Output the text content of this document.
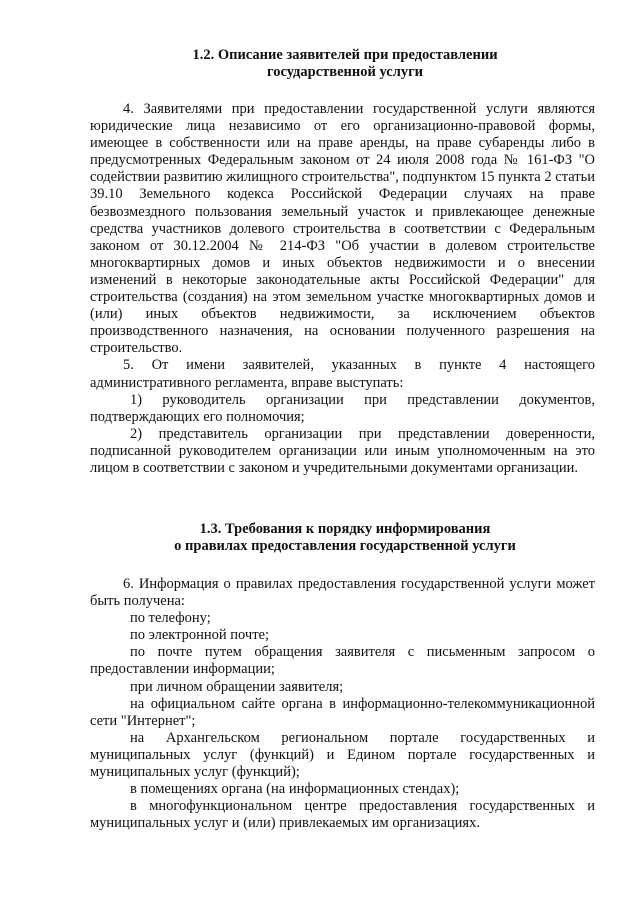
1.2. Описание заявителей при предоставлении
государственной услуги

4. Заявителями при предоставлении государственной услуги являются юридические лица независимо от его организационно-правовой формы, имеющее в собственности или на праве аренды, на праве субаренды либо в предусмотренных Федеральным законом от 24 июля 2008 года № 161-ФЗ "О содействии развитию жилищного строительства", подпунктом 15 пункта 2 статьи 39.10 Земельного кодекса Российской Федерации случаях на праве безвозмездного пользования земельный участок и привлекающее денежные средства участников долевого строительства в соответствии с Федеральным законом от 30.12.2004 № 214-ФЗ "Об участии в долевом строительстве многоквартирных домов и иных объектов недвижимости и о внесении изменений в некоторые законодательные акты Российской Федерации" для строительства (создания) на этом земельном участке многоквартирных домов и (или) иных объектов недвижимости, за исключением объектов производственного назначения, на основании полученного разрешения на строительство.

5. От имени заявителей, указанных в пункте 4 настоящего административного регламента, вправе выступать:

1) руководитель организации при представлении документов, подтверждающих его полномочия;

2) представитель организации при представлении доверенности, подписанной руководителем организации или иным уполномоченным на это лицом в соответствии с законом и учредительными документами организации.

1.3. Требования к порядку информирования
о правилах предоставления государственной услуги

6. Информация о правилах предоставления государственной услуги может быть получена:

по телефону;

по электронной почте;

по почте путем обращения заявителя с письменным запросом о предоставлении информации;

при личном обращении заявителя;

на официальном сайте органа в информационно-телекоммуникационной сети "Интернет";

на Архангельском региональном портале государственных и муниципальных услуг (функций) и Едином портале государственных и муниципальных услуг (функций);

в помещениях органа (на информационных стендах);

в многофункциональном центре предоставления государственных и муниципальных услуг и (или) привлекаемых им организациях.
